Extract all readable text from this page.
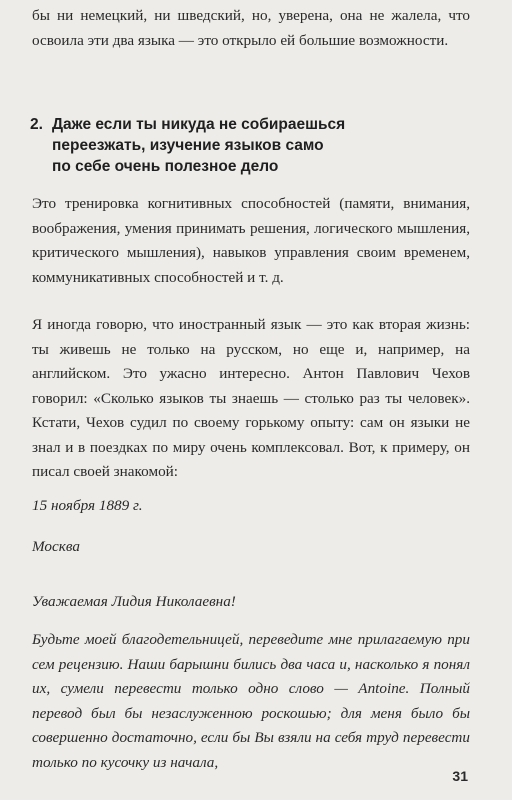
бы ни немецкий, ни шведский, но, уверена, она не жалела, что освоила эти два языка — это открыло ей большие возможности.

2. Даже если ты никуда не собираешься
переезжать, изучение языков само
по себе очень полезное дело

Это тренировка когнитивных способностей (памяти, внимания, воображения, умения принимать решения, логического мышления, критического мышления), навыков управления своим временем, коммуникативных способностей и т. д.

Я иногда говорю, что иностранный язык — это как вторая жизнь: ты живешь не только на русском, но еще и, например, на английском. Это ужасно интересно. Антон Павлович Чехов говорил: «Сколько языков ты знаешь — столько раз ты человек». Кстати, Чехов судил по своему горькому опыту: сам он языки не знал и в поездках по миру очень комплексовал. Вот, к примеру, он писал своей знакомой:

15 ноября 1889 г.

Москва

Уважаемая Лидия Николаевна!

Будьте моей благодетельницей, переведите мне прилагаемую при сем рецензию. Наши барышни бились два часа и, насколько я понял их, сумели перевести только одно слово — Antoine. Полный перевод был бы незаслуженною роскошью; для меня было бы совершенно достаточно, если бы Вы взяли на себя труд перевести только по кусочку из начала,

31
